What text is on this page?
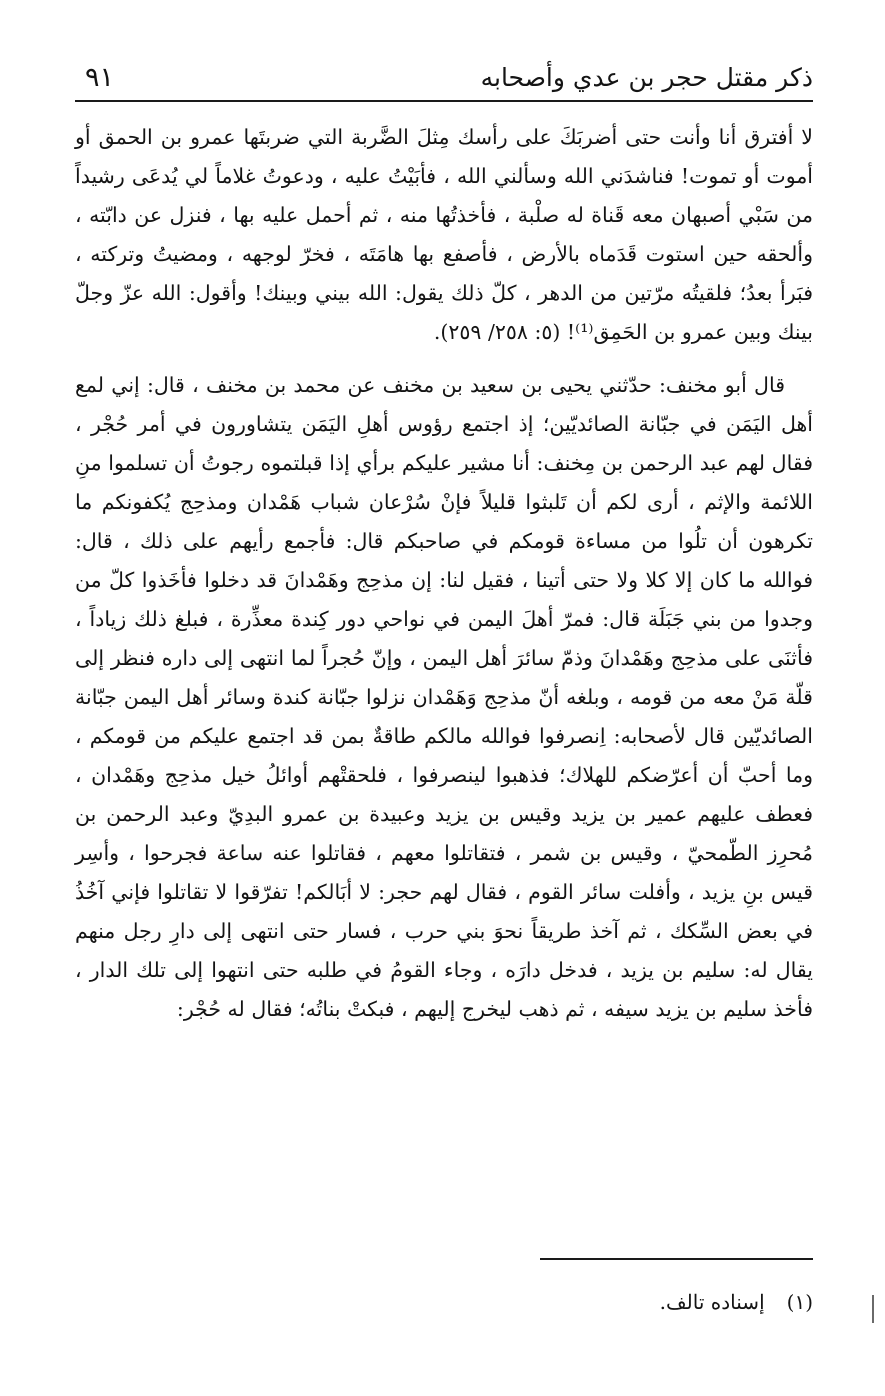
ذكر مقتل حجر بن عدي وأصحابه
٩١

لا أفترق أنا وأنت حتى أضربَكَ على رأسك مِثلَ الضَّربة التي ضربتَها عمرو بن الحمق أو أموت أو تموت! فناشدَني الله وسألني الله ، فأبَيْتُ عليه ، ودعوتُ غلاماً لي يُدعَى رشيداً من سَبْي أصبهان معه قَناة له صلْبة ، فأخذتُها منه ، ثم أحمل عليه بها ، فنزل عن دابّته ، وألحقه حين استوت قَدَماه بالأرض ، فأصفع بها هامَتَه ، فخرّ لوجهه ، ومضيتُ وتركته ، فبَرأ بعدُ؛ فلقيتُه مرّتين من الدهر ، كلّ ذلك يقول: الله بيني وبينك! وأقول: الله عزّ وجلّ بينك وبين عمرو بن الحَمِق⁽¹⁾! (٥: ٢٥٨/ ٢٥٩).

قال أبو مخنف: حدّثني يحيى بن سعيد بن مخنف عن محمد بن مخنف ، قال: إني لمع أهل اليَمَن في جبّانة الصائديّين؛ إذ اجتمع رؤوس أهلِ اليَمَن يتشاورون في أمر حُجْر ، فقال لهم عبد الرحمن بن مِخنف: أنا مشير عليكم برأي إذا قبلتموه رجوتُ أن تسلموا منِ اللائمة والإثم ، أرى لكم أن تَلبثوا قليلاً فإنْ سُرْعان شباب هَمْدان ومذحِج يُكفونكم ما تكرهون أن تلُوا من مساءة قومكم في صاحبكم قال: فأجمع رأيهم على ذلك ، قال: فوالله ما كان إلا كلا ولا حتى أتينا ، فقيل لنا: إن مذحِج وهَمْدانَ قد دخلوا فأخَذوا كلّ من وجدوا من بني جَبَلَة قال: فمرّ أهلَ اليمن في نواحي دور كِندة معذِّرة ، فبلغ ذلك زياداً ، فأثنَى على مذحِج وهَمْدانَ وذمّ سائرَ أهل اليمن ، وإنّ حُجراً لما انتهى إلى داره فنظر إلى قلّة مَنْ معه من قومه ، وبلغه أنّ مذحِج وَهَمْدان نزلوا جبّانة كندة وسائر أهل اليمن جبّانة الصائديّين قال لأصحابه: اِنصرفوا فوالله مالكم طاقةٌ بمن قد اجتمع عليكم من قومكم ، وما أحبّ أن أعرّضكم للهلاك؛ فذهبوا لينصرفوا ، فلحقتْهم أوائلُ خيل مذحِج وهَمْدان ، فعطف عليهم عمير بن يزيد وقيس بن يزيد وعبيدة بن عمرو البدِيّ وعبد الرحمن بن مُحرِز الطّمحيّ ، وقيس بن شمر ، فتقاتلوا معهم ، فقاتلوا عنه ساعة فجرحوا ، وأسِر قيس بنِ يزيد ، وأفلت سائر القوم ، فقال لهم حجر: لا أبَالكم! تفرّقوا لا تقاتلوا فإني آخُذُ في بعض السِّكك ، ثم آخذ طريقاً نحوَ بني حرب ، فسار حتى انتهى إلى دارِ رجل منهم يقال له: سليم بن يزيد ، فدخل دارَه ، وجاء القومُ في طلبه حتى انتهوا إلى تلك الدار ، فأخذ سليم بن يزيد سيفه ، ثم ذهب ليخرج إليهم ، فبكتْ بناتُه؛ فقال له حُجْر:

(١)إسناده تالف.
